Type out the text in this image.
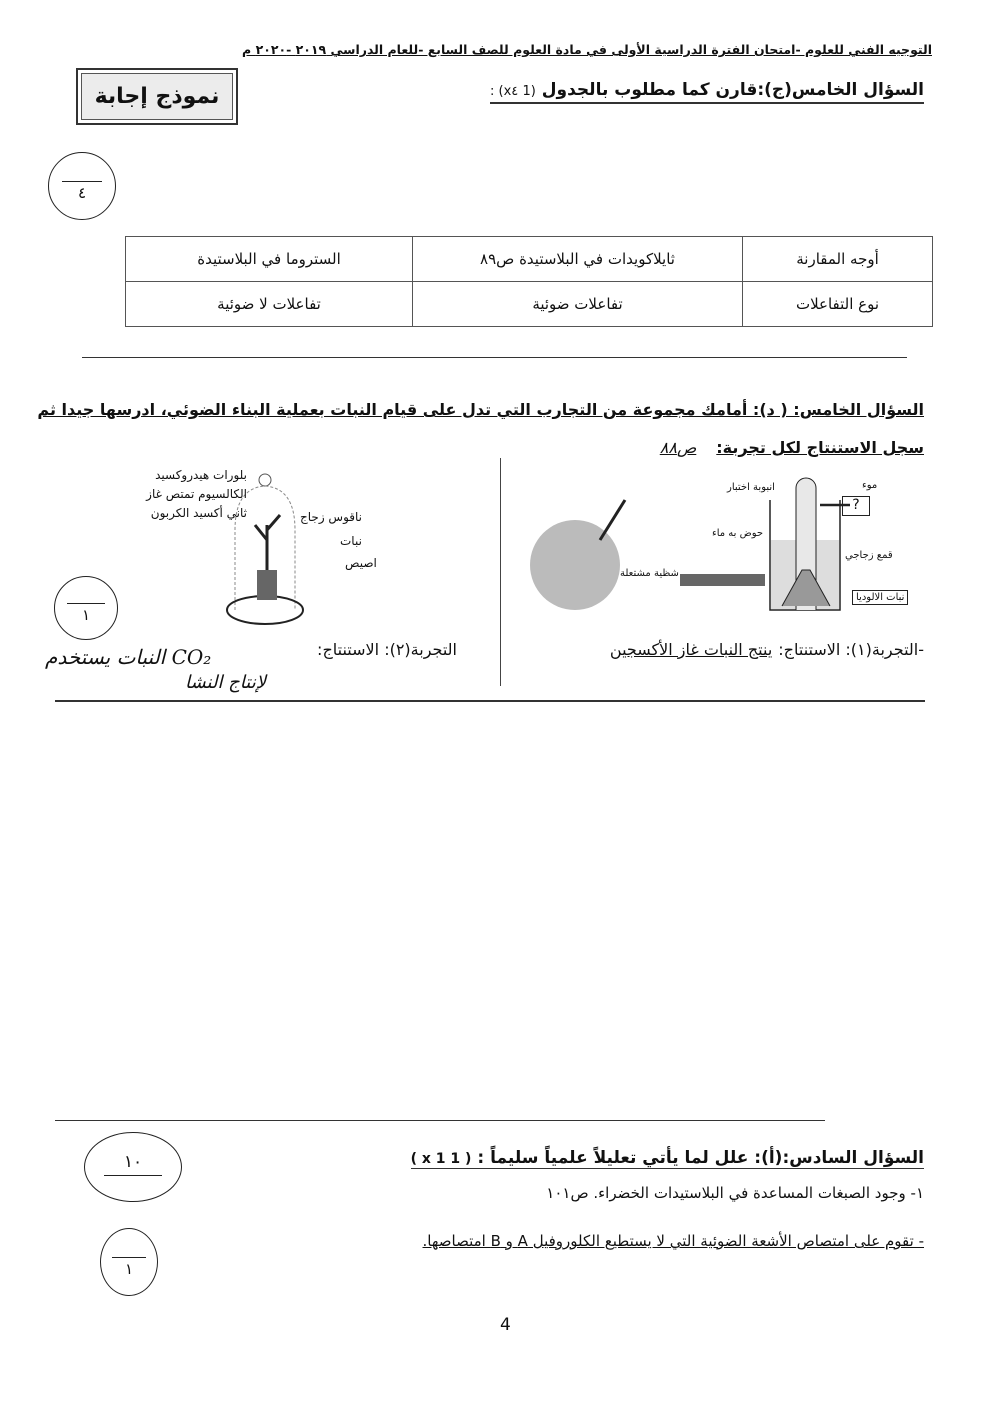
التوجيه الفني للعلوم -امتحان الفترة الدراسية الأولى في مادة العلوم للصف السابع -للعام الدراسي ٢٠١٩ -٢٠٢٠ م
نموذج إجابة	السؤال الخامس(ج):قارن كما مطلوب بالجدول
(1 x٤) :
٤
أوجه المقارنة	ثايلاكويدات في البلاستيدة ص٨٩	الستروما في البلاستيدة
نوع التفاعلات	تفاعلات ضوئية	تفاعلات لا ضوئية
السؤال الخامس: ( د): أمامك مجموعة من التجارب التي تدل على قيام النبات بعملية البناء الضوئي، ادرسها جيدا ثم
سجل الاستنتاج لكل تجربة:
ص٨٨
انبوبة اختبار	موء
?
حوض به ماء
قمع زجاجي
نبات الالوديا
شظية مشتعلة
-التجربة(١): الاستنتاج:
ينتج النبات غاز الأكسجين
بلورات هيدروكسيد الكالسيوم تمتص غاز ثاني أكسيد الكربون	ناقوس زجاج
نبات
اصيص
١
التجربة(٢): الاستنتاج:
النبات يستخدم CO₂
لإنتاج النشا
١٠
١
السؤال السادس:(أ): علل لما يأتي تعليلاً علمياً سليماً :
( 1 x 1 )
١- وجود الصبغات المساعدة في البلاستيدات الخضراء. ص١٠١
- تقوم على امتصاص الأشعة الضوئية التي لا يستطيع الكلوروفيل A و B امتصاصها.
4
